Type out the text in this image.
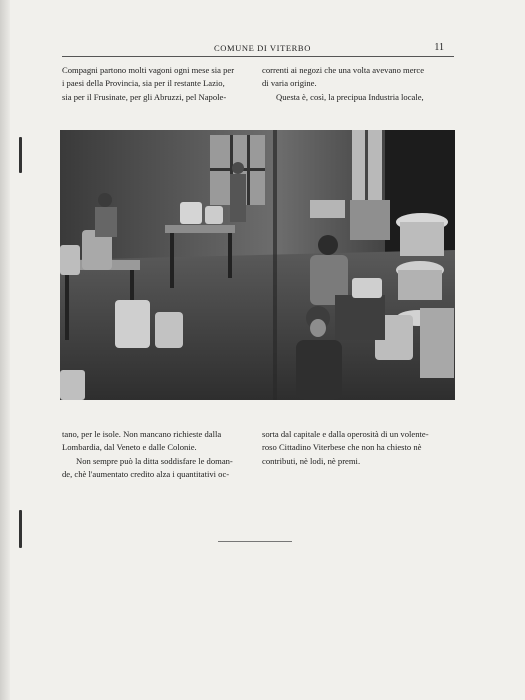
COMUNE DI VITERBO	11

Compagni partono molti vagoni ogni mese sia per

i paesi della Provincia, sia per il restante Lazio,

sia per il Frusinate, per gli Abruzzi, pel Napole-

correnti ai negozi che una volta avevano merce

di varia origine.

Questa è, così, la precipua Industria locale,

tano, per le isole. Non mancano richieste dalla

Lombardia, dal Veneto e dalle Colonie.

Non sempre può la ditta soddisfare le doman-

de, chè l'aumentato credito alza i quantitativi oc-

sorta dal capitale e dalla operosità di un volente-

roso Cittadino Viterbese che non ha chiesto nè

contributi, nè lodi, nè premi.
